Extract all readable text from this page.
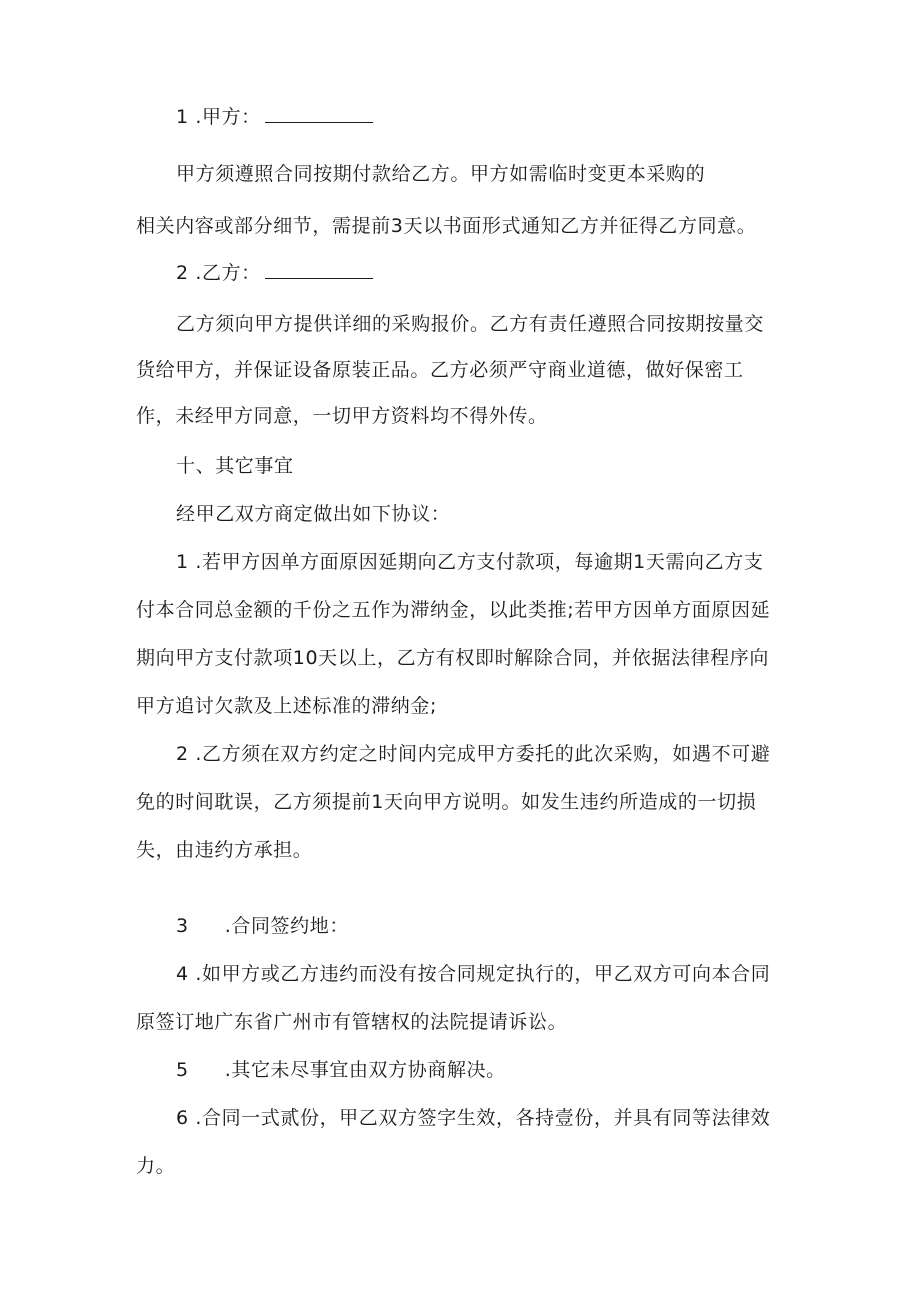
1 .甲方：

甲方须遵照合同按期付款给乙方。甲方如需临时变更本采购的

相关内容或部分细节，需提前3天以书面形式通知乙方并征得乙方同意。

2 .乙方：

乙方须向甲方提供详细的采购报价。乙方有责任遵照合同按期按量交

货给甲方，并保证设备原装正品。乙方必须严守商业道德，做好保密工

作，未经甲方同意，一切甲方资料均不得外传。

十、其它事宜

经甲乙双方商定做出如下协议：

1 .若甲方因单方面原因延期向乙方支付款项，每逾期1天需向乙方支

付本合同总金额的千份之五作为滞纳金，以此类推;若甲方因单方面原因延

期向甲方支付款项10天以上，乙方有权即时解除合同，并依据法律程序向

甲方追讨欠款及上述标准的滞纳金;

2 .乙方须在双方约定之时间内完成甲方委托的此次采购，如遇不可避

免的时间耽误，乙方须提前1天向甲方说明。如发生违约所造成的一切损

失，由违约方承担。

3 .合同签约地：

4 .如甲方或乙方违约而没有按合同规定执行的，甲乙双方可向本合同

原签订地广东省广州市有管辖权的法院提请诉讼。

5 .其它未尽事宜由双方协商解决。

6 .合同一式贰份，甲乙双方签字生效，各持壹份，并具有同等法律效

力。
